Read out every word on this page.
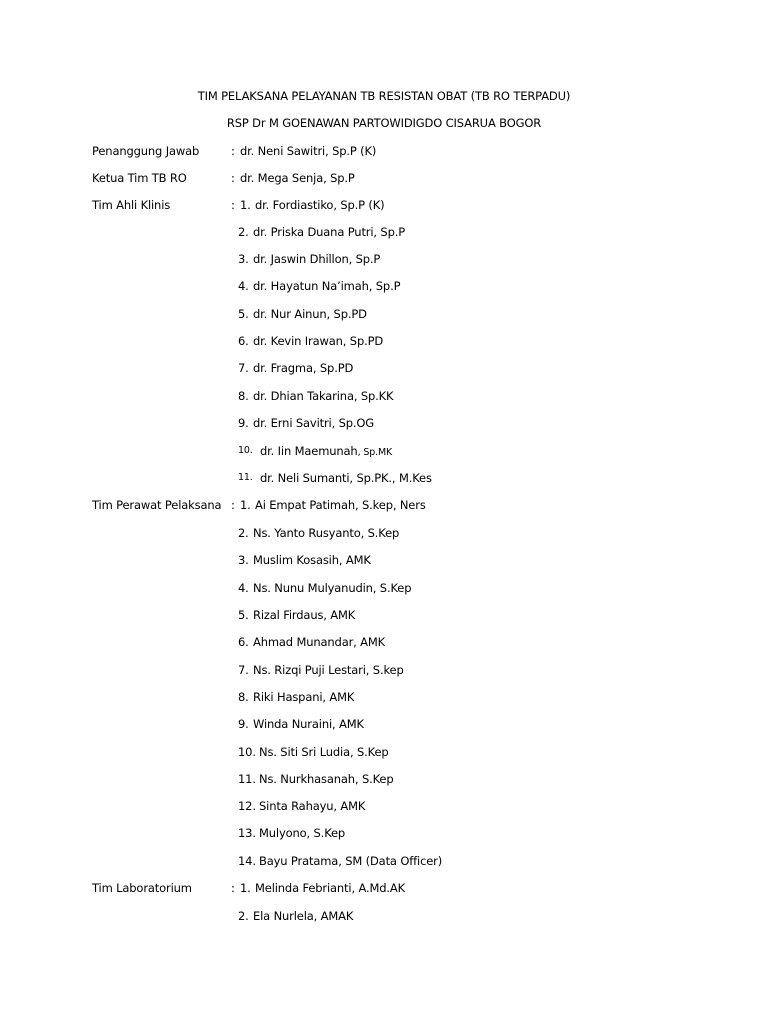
TIM PELAKSANA PELAYANAN TB RESISTAN OBAT (TB RO TERPADU)
RSP Dr M GOENAWAN PARTOWIDIGDO CISARUA BOGOR
Penanggung Jawab	: dr. Neni Sawitri, Sp.P (K)
Ketua Tim TB RO	: dr. Mega Senja, Sp.P
Tim Ahli Klinis	: 1. dr. Fordiastiko, Sp.P (K)
2. dr. Priska Duana Putri, Sp.P
3. dr. Jaswin Dhillon, Sp.P
4. dr. Hayatun Na’imah, Sp.P
5. dr. Nur Ainun, Sp.PD
6. dr. Kevin Irawan, Sp.PD
7. dr. Fragma, Sp.PD
8. dr. Dhian Takarina, Sp.KK
9. dr. Erni Savitri, Sp.OG
10. dr. Iin Maemunah, Sp.MK
11. dr. Neli Sumanti, Sp.PK., M.Kes
Tim Perawat Pelaksana : 1. Ai Empat Patimah, S.kep, Ners
2. Ns. Yanto Rusyanto, S.Kep
3. Muslim Kosasih, AMK
4. Ns. Nunu Mulyanudin, S.Kep
5. Rizal Firdaus, AMK
6. Ahmad Munandar, AMK
7. Ns. Rizqi Puji Lestari, S.kep
8. Riki Haspani, AMK
9. Winda Nuraini, AMK
10. Ns. Siti Sri Ludia, S.Kep
11. Ns. Nurkhasanah, S.Kep
12. Sinta Rahayu, AMK
13. Mulyono, S.Kep
14. Bayu Pratama, SM (Data Officer)
Tim Laboratorium	: 1. Melinda Febrianti, A.Md.AK
2. Ela Nurlela, AMAK
